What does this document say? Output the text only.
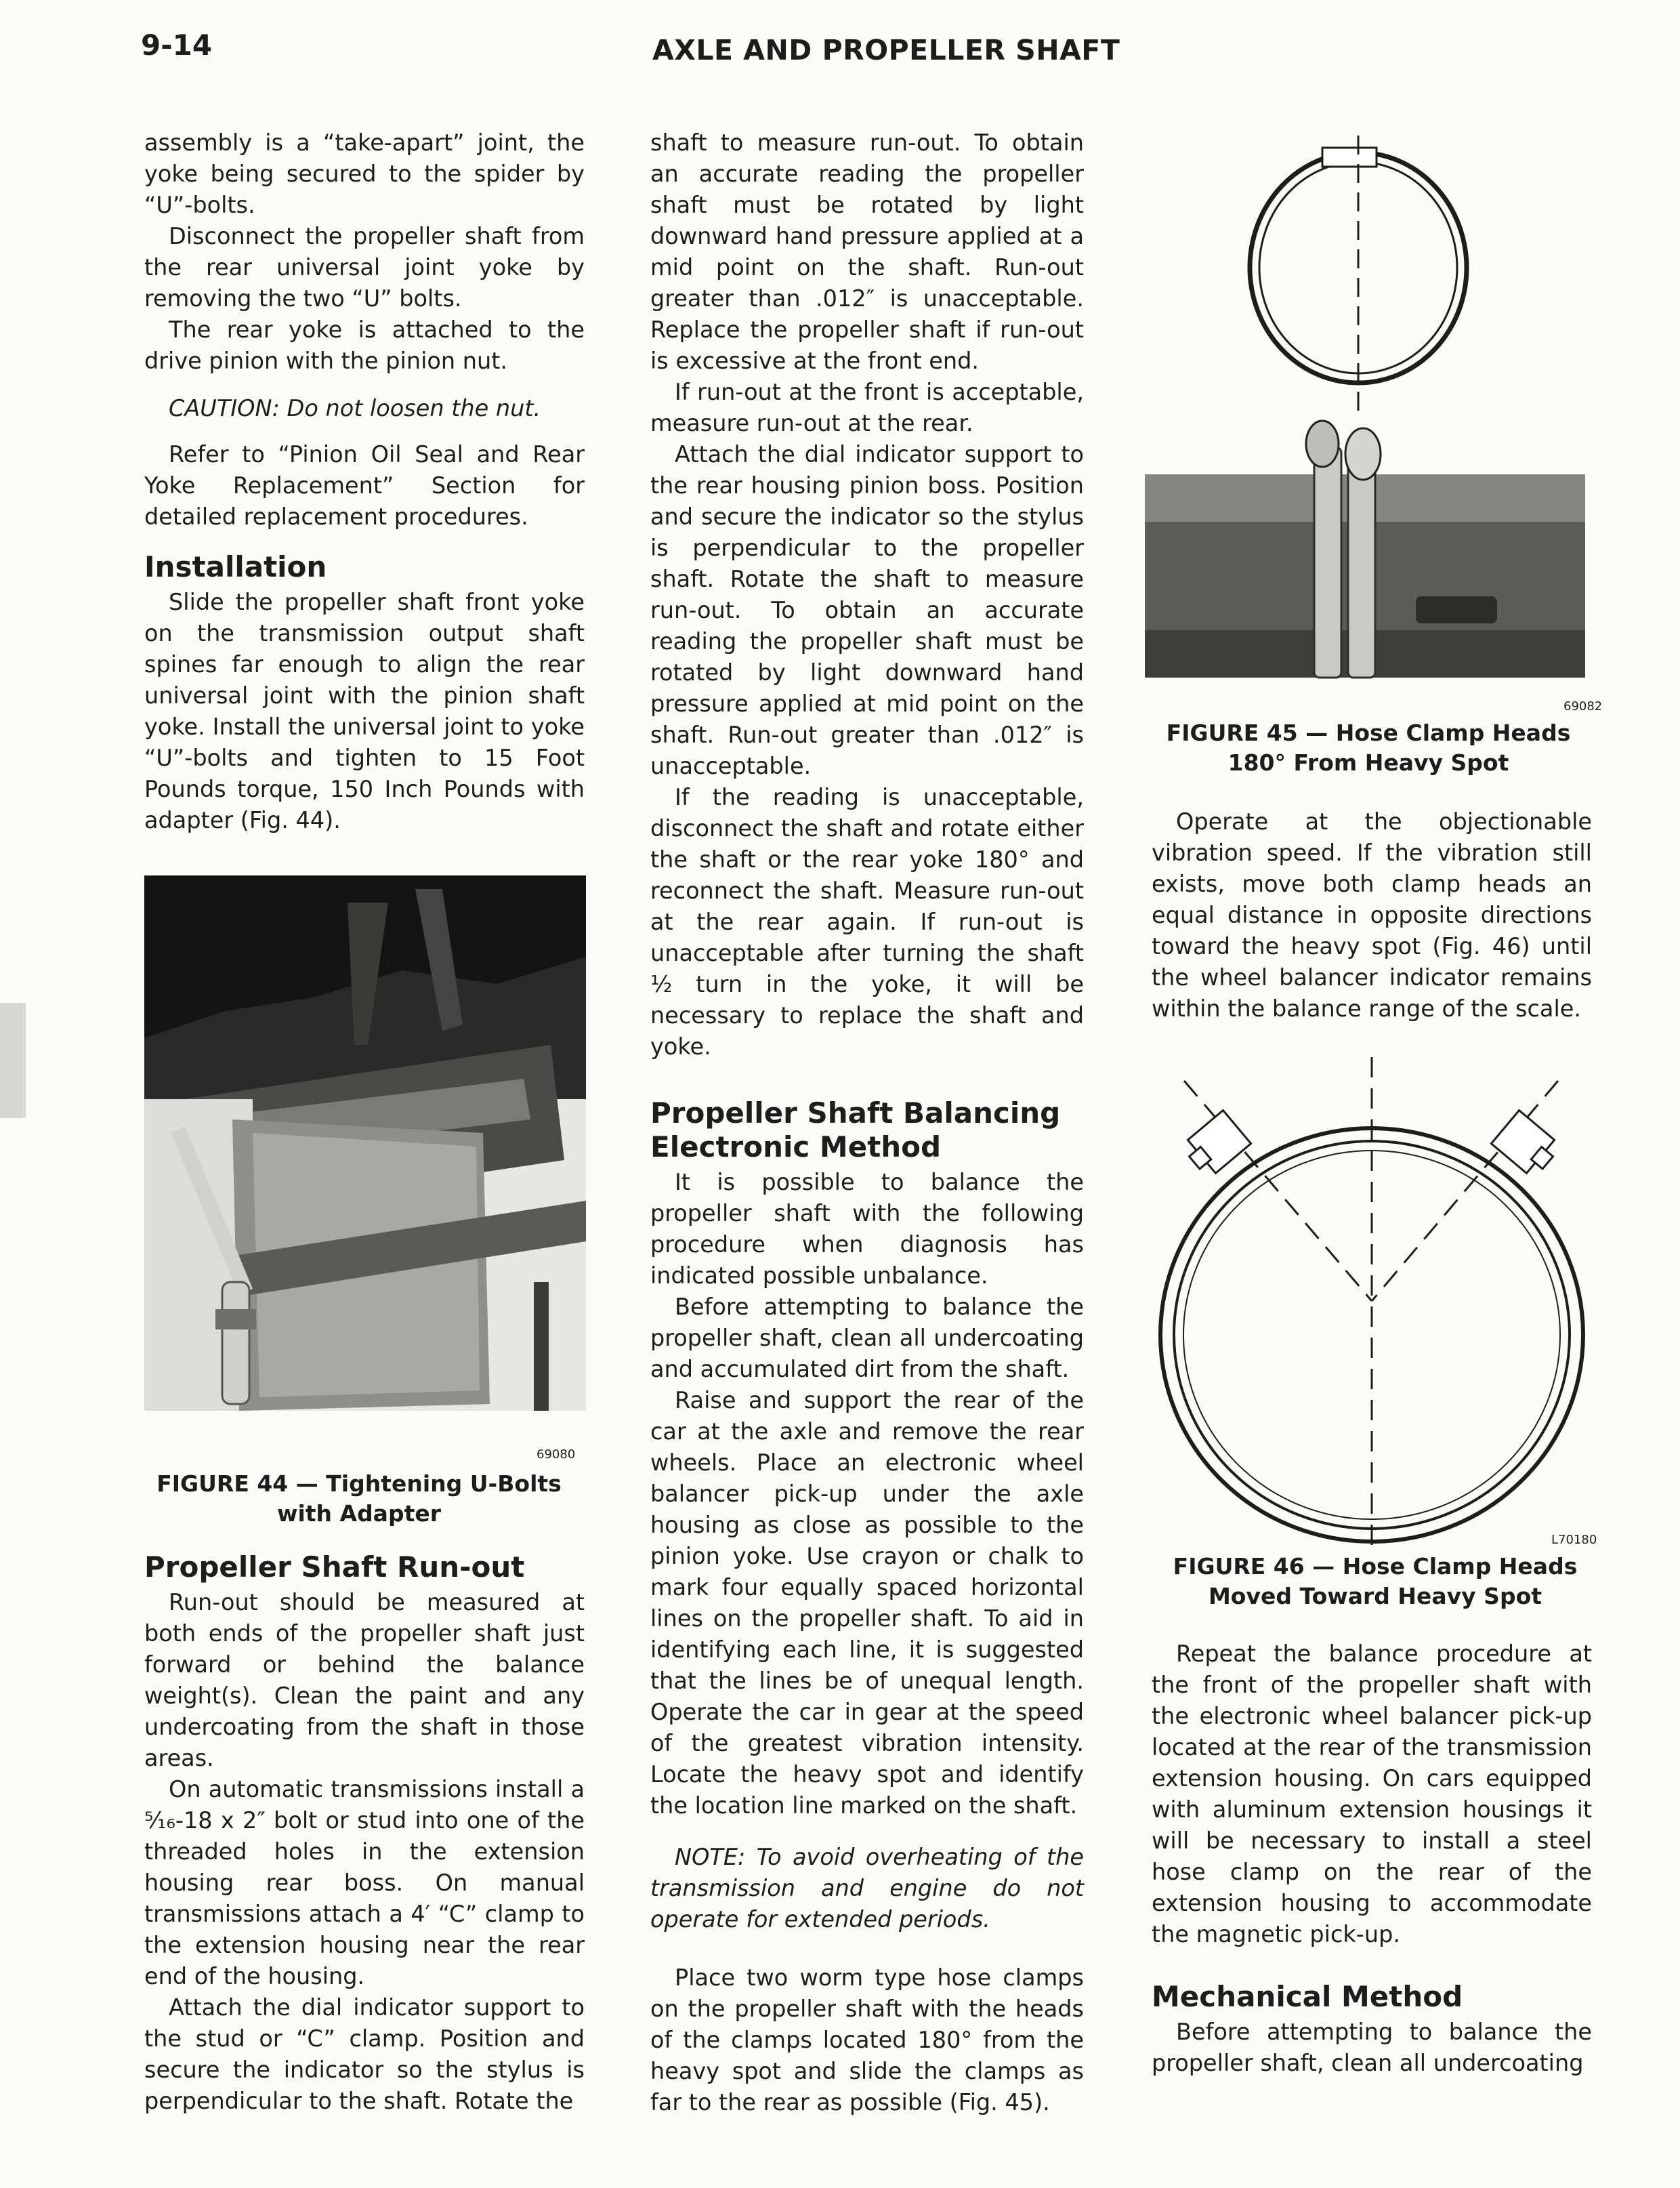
9-14	AXLE AND PROPELLER SHAFT

assembly is a “take-apart” joint, the yoke being secured to the spider by “U”-bolts.

Disconnect the propeller shaft from the rear universal joint yoke by removing the two “U” bolts.

The rear yoke is attached to the drive pinion with the pinion nut.

CAUTION: Do not loosen the nut.

Refer to “Pinion Oil Seal and Rear Yoke Replacement” Section for detailed replacement procedures.

Installation

Slide the propeller shaft front yoke on the transmission output shaft spines far enough to align the rear universal joint with the pinion shaft yoke. Install the universal joint to yoke “U”-bolts and tighten to 15 Foot Pounds torque, 150 Inch Pounds with adapter (Fig. 44).

69080
FIGURE 44 — Tightening U-Bolts with Adapter
Propeller Shaft Run-out

Run-out should be measured at both ends of the propeller shaft just forward or behind the balance weight(s). Clean the paint and any undercoating from the shaft in those areas.

On automatic transmissions install a ⁵⁄₁₆-18 x 2″ bolt or stud into one of the threaded holes in the extension housing rear boss. On manual transmissions attach a 4′ “C” clamp to the extension housing near the rear end of the housing.

Attach the dial indicator support to the stud or “C” clamp. Position and secure the indicator so the stylus is perpendicular to the shaft. Rotate the

shaft to measure run-out. To obtain an accurate reading the propeller shaft must be rotated by light downward hand pressure applied at a mid point on the shaft. Run-out greater than .012″ is unacceptable. Replace the propeller shaft if run-out is excessive at the front end.

If run-out at the front is acceptable, measure run-out at the rear.

Attach the dial indicator support to the rear housing pinion boss. Position and secure the indicator so the stylus is perpendicular to the propeller shaft. Rotate the shaft to measure run-out. To obtain an accurate reading the propeller shaft must be rotated by light downward hand pressure applied at mid point on the shaft. Run-out greater than .012″ is unacceptable.

If the reading is unacceptable, disconnect the shaft and rotate either the shaft or the rear yoke 180° and reconnect the shaft. Measure run-out at the rear again. If run-out is unacceptable after turning the shaft ½ turn in the yoke, it will be necessary to replace the shaft and yoke.

Propeller Shaft Balancing Electronic Method

It is possible to balance the propeller shaft with the following procedure when diagnosis has indicated possible unbalance.

Before attempting to balance the propeller shaft, clean all undercoating and accumulated dirt from the shaft.

Raise and support the rear of the car at the axle and remove the rear wheels. Place an electronic wheel balancer pick-up under the axle housing as close as possible to the pinion yoke. Use crayon or chalk to mark four equally spaced horizontal lines on the propeller shaft. To aid in identifying each line, it is suggested that the lines be of unequal length. Operate the car in gear at the speed of the greatest vibration intensity. Locate the heavy spot and identify the location line marked on the shaft.

NOTE: To avoid overheating of the transmission and engine do not operate for extended periods.

Place two worm type hose clamps on the propeller shaft with the heads of the clamps located 180° from the heavy spot and slide the clamps as far to the rear as possible (Fig. 45).

69082
FIGURE 45 — Hose Clamp Heads 180° From Heavy Spot

Operate at the objectionable vibration speed. If the vibration still exists, move both clamp heads an equal distance in opposite directions toward the heavy spot (Fig. 46) until the wheel balancer indicator remains within the balance range of the scale.

L70180
FIGURE 46 — Hose Clamp Heads Moved Toward Heavy Spot

Repeat the balance procedure at the front of the propeller shaft with the electronic wheel balancer pick-up located at the rear of the transmission extension housing. On cars equipped with aluminum extension housings it will be necessary to install a steel hose clamp on the rear of the extension housing to accommodate the magnetic pick-up.

Mechanical Method

Before attempting to balance the propeller shaft, clean all undercoating
